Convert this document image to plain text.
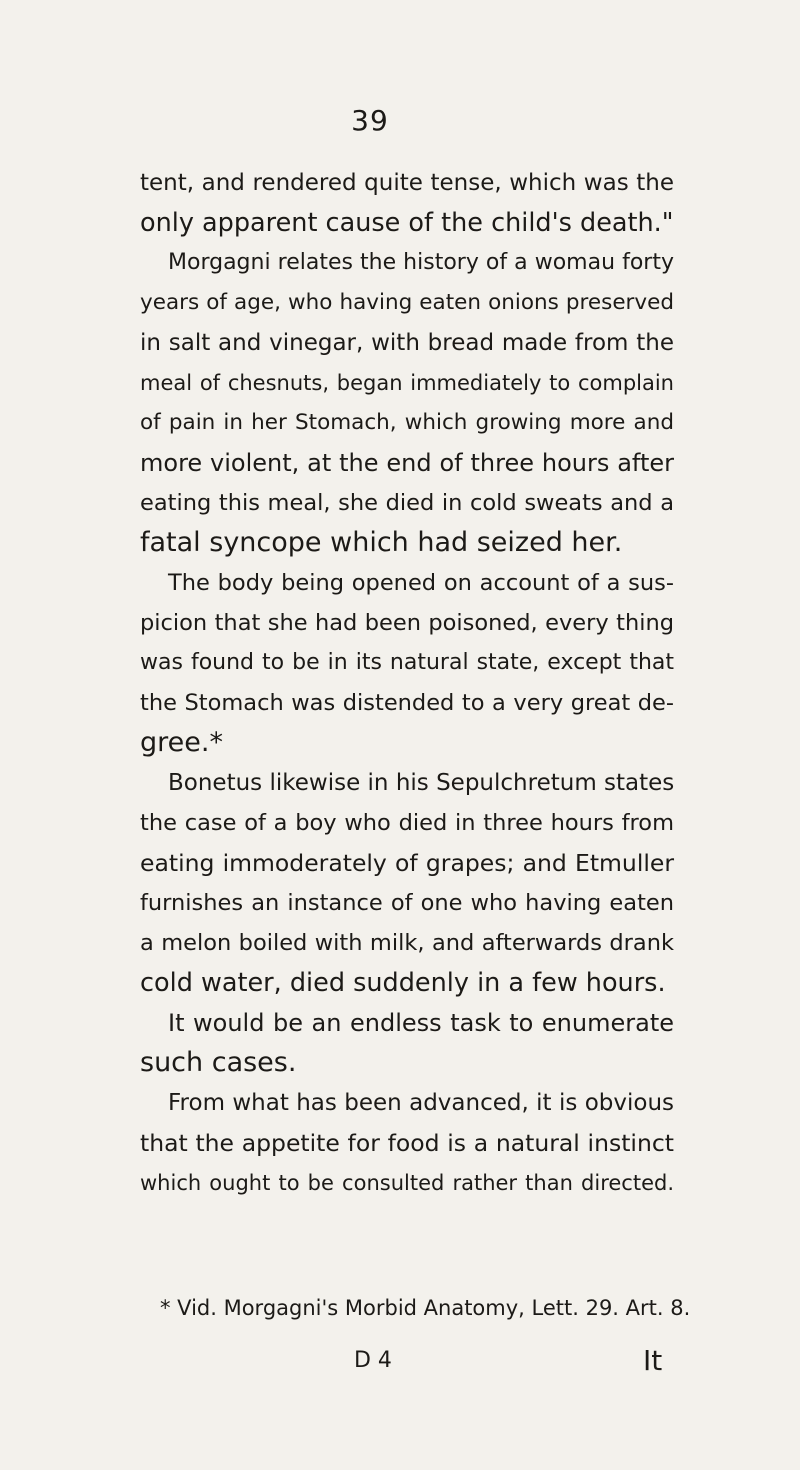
39
tent, and rendered quite tense, which was the
only apparent cause of the child's death."
Morgagni relates the history of a womau forty
years of age, who having eaten onions preserved
in salt and vinegar, with bread made from the
meal of chesnuts, began immediately to complain
of pain in her Stomach, which growing more and
more violent, at the end of three hours after
eating this meal, she died in cold sweats and a
fatal syncope which had seized her.
The body being opened on account of a sus-
picion that she had been poisoned, every thing
was found to be in its natural state, except that
the Stomach was distended to a very great de-
gree.*
Bonetus likewise in his Sepulchretum states
the case of a boy who died in three hours from
eating immoderately of grapes; and Etmuller
furnishes an instance of one who having eaten
a melon boiled with milk, and afterwards drank
cold water, died suddenly in a few hours.
It would be an endless task to enumerate
such cases.
From what has been advanced, it is obvious
that the appetite for food is a natural instinct
which ought to be consulted rather than directed.
* Vid. Morgagni's Morbid Anatomy, Lett. 29. Art. 8.
D 4	It
